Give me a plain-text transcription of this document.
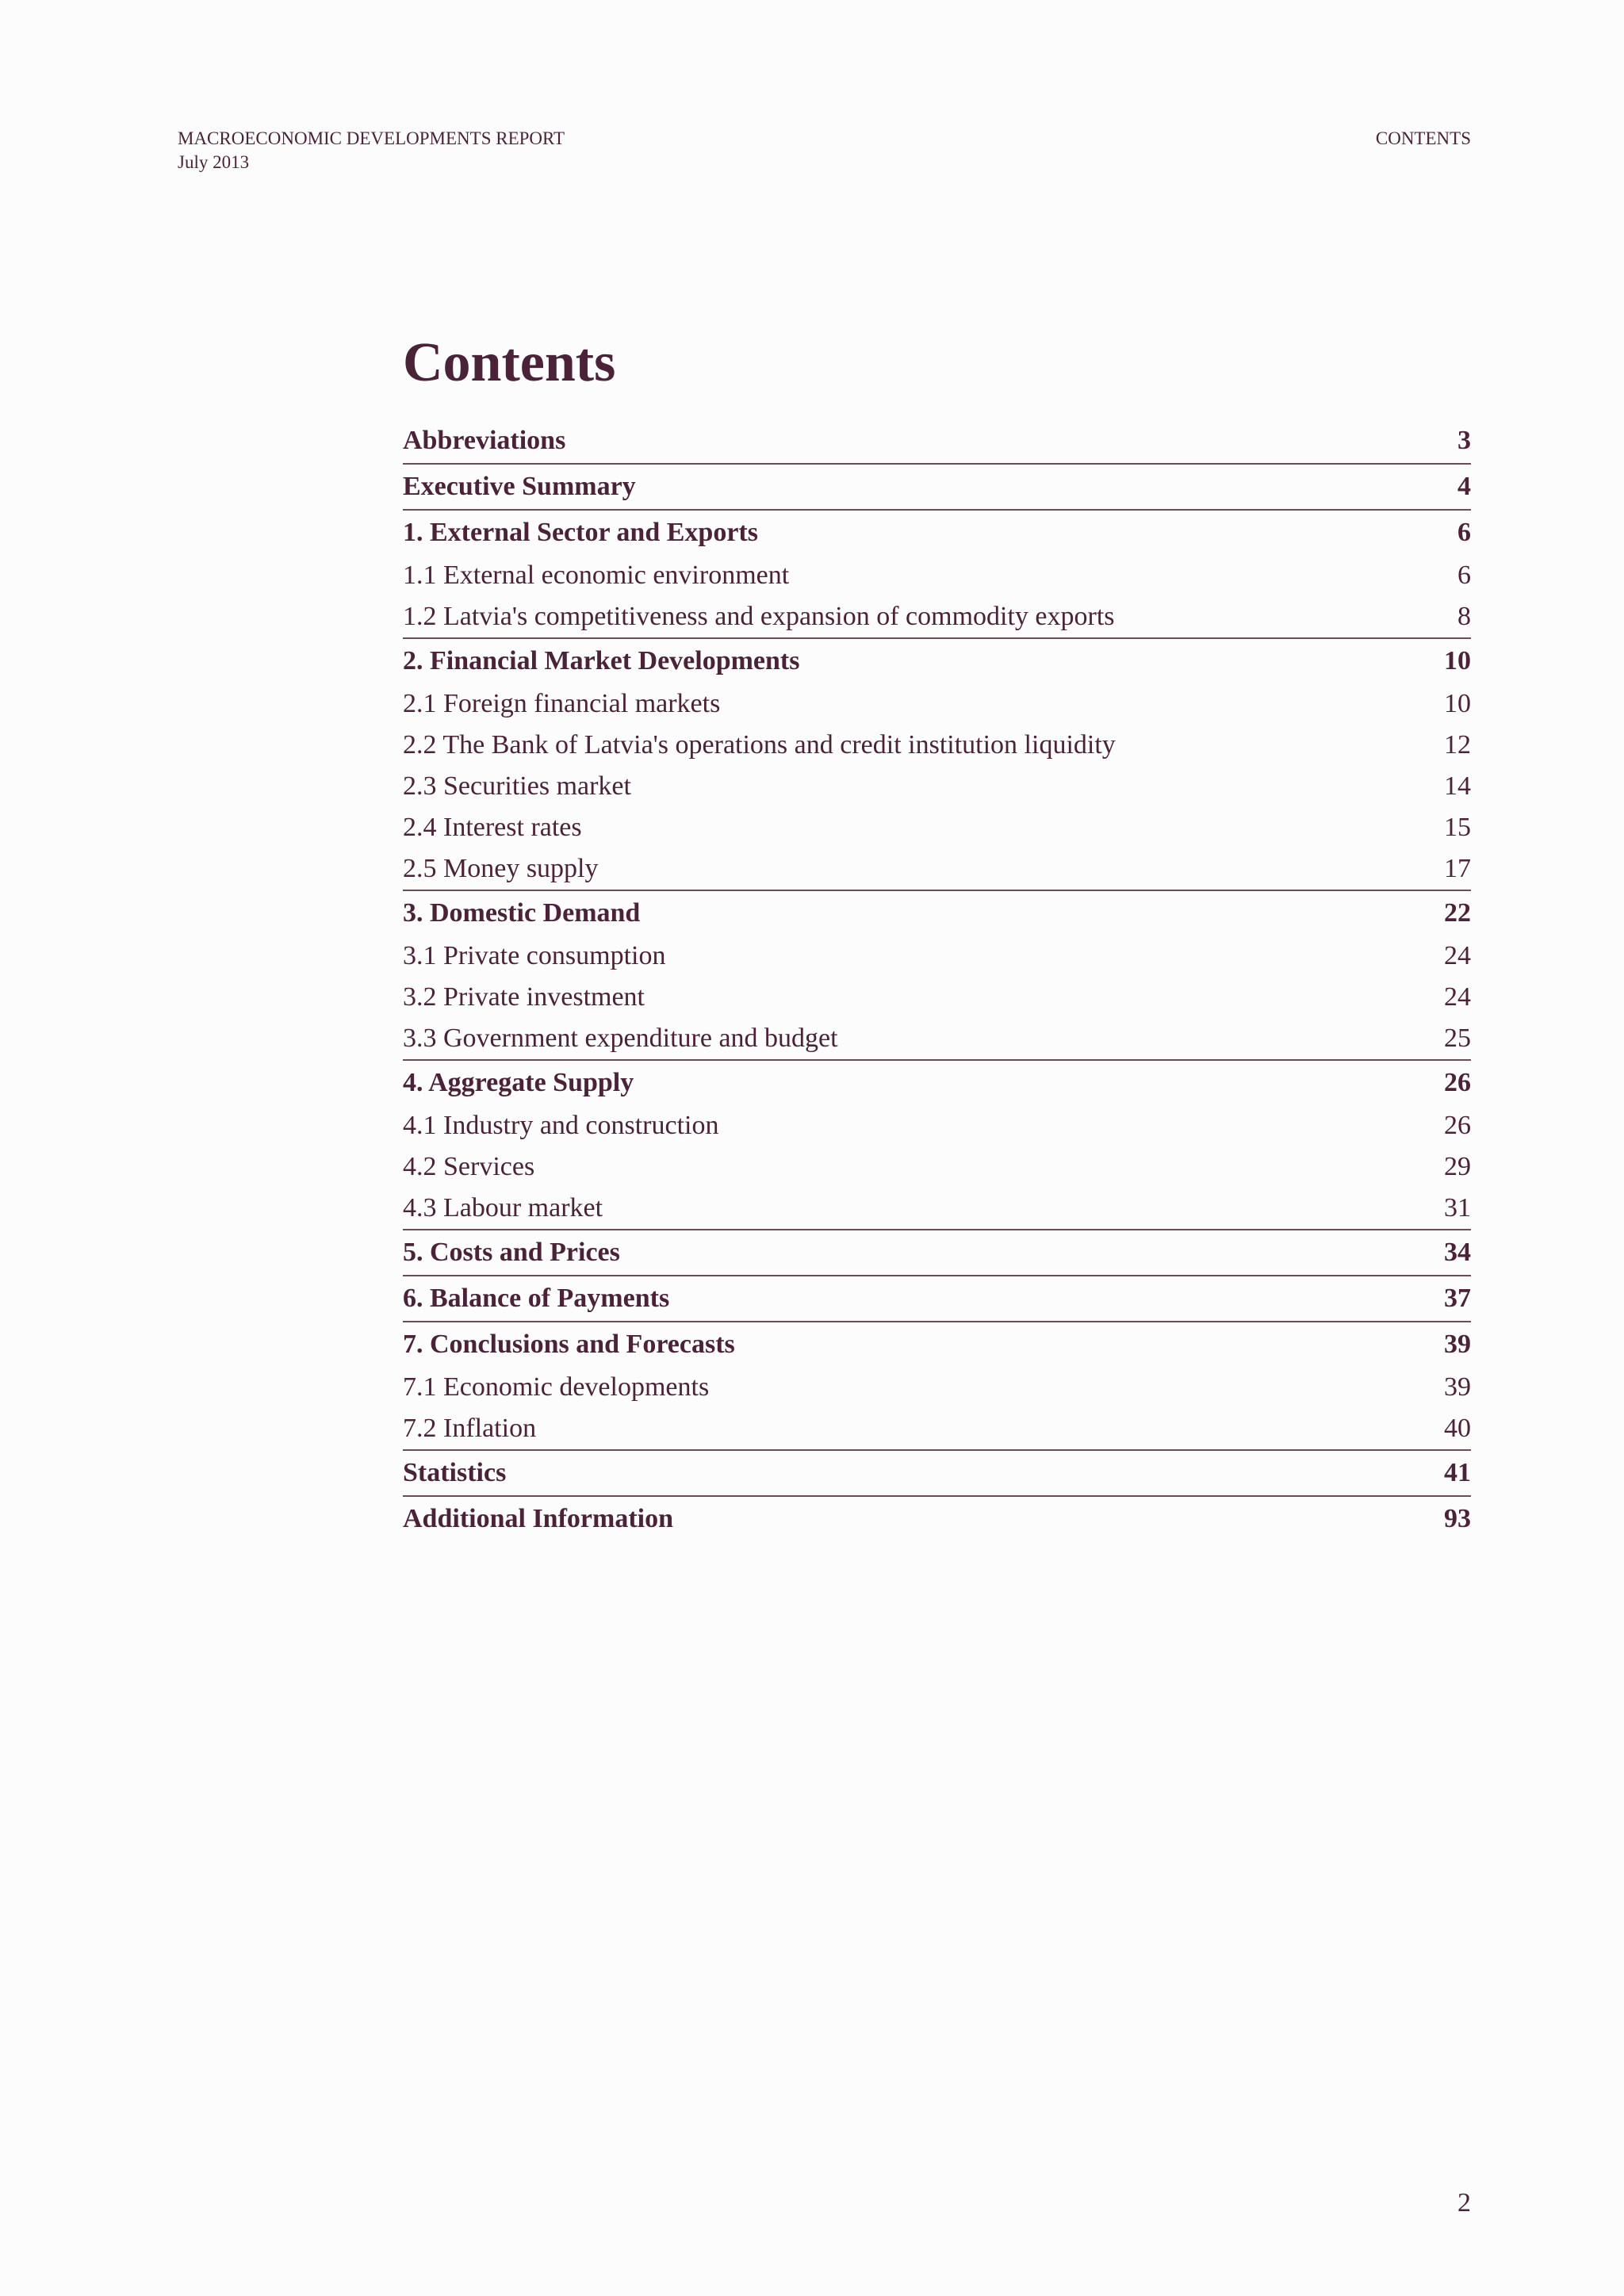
MACROECONOMIC DEVELOPMENTS REPORT
July 2013
CONTENTS
Contents
Abbreviations	3
Executive Summary	4
1. External Sector and Exports	6
1.1 External economic environment	6
1.2 Latvia's competitiveness and expansion of commodity exports	8
2. Financial Market Developments	10
2.1 Foreign financial markets	10
2.2 The Bank of Latvia's operations and credit institution liquidity	12
2.3 Securities market	14
2.4 Interest rates	15
2.5 Money supply	17
3. Domestic Demand	22
3.1 Private consumption	24
3.2 Private investment	24
3.3 Government expenditure and budget	25
4. Aggregate Supply	26
4.1 Industry and construction	26
4.2 Services	29
4.3 Labour market	31
5. Costs and Prices	34
6. Balance of Payments	37
7. Conclusions and Forecasts	39
7.1 Economic developments	39
7.2 Inflation	40
Statistics	41
Additional Information	93
2
